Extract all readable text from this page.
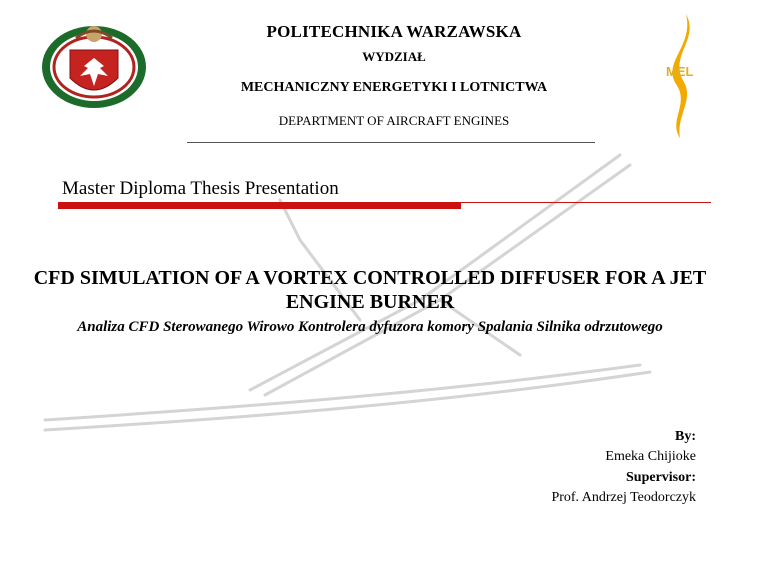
MEL
POLITECHNIKA WARZAWSKA
WYDZIAŁ
MECHANICZNY ENERGETYKI I LOTNICTWA
DEPARTMENT OF AIRCRAFT ENGINES
Master Diploma Thesis Presentation
CFD SIMULATION OF A VORTEX CONTROLLED DIFFUSER FOR A JET ENGINE BURNER
Analiza CFD Sterowanego Wirowo Kontrolera dyfuzora komory Spalania Silnika odrzutowego
By:
Emeka Chijioke
Supervisor:
Prof. Andrzej Teodorczyk
